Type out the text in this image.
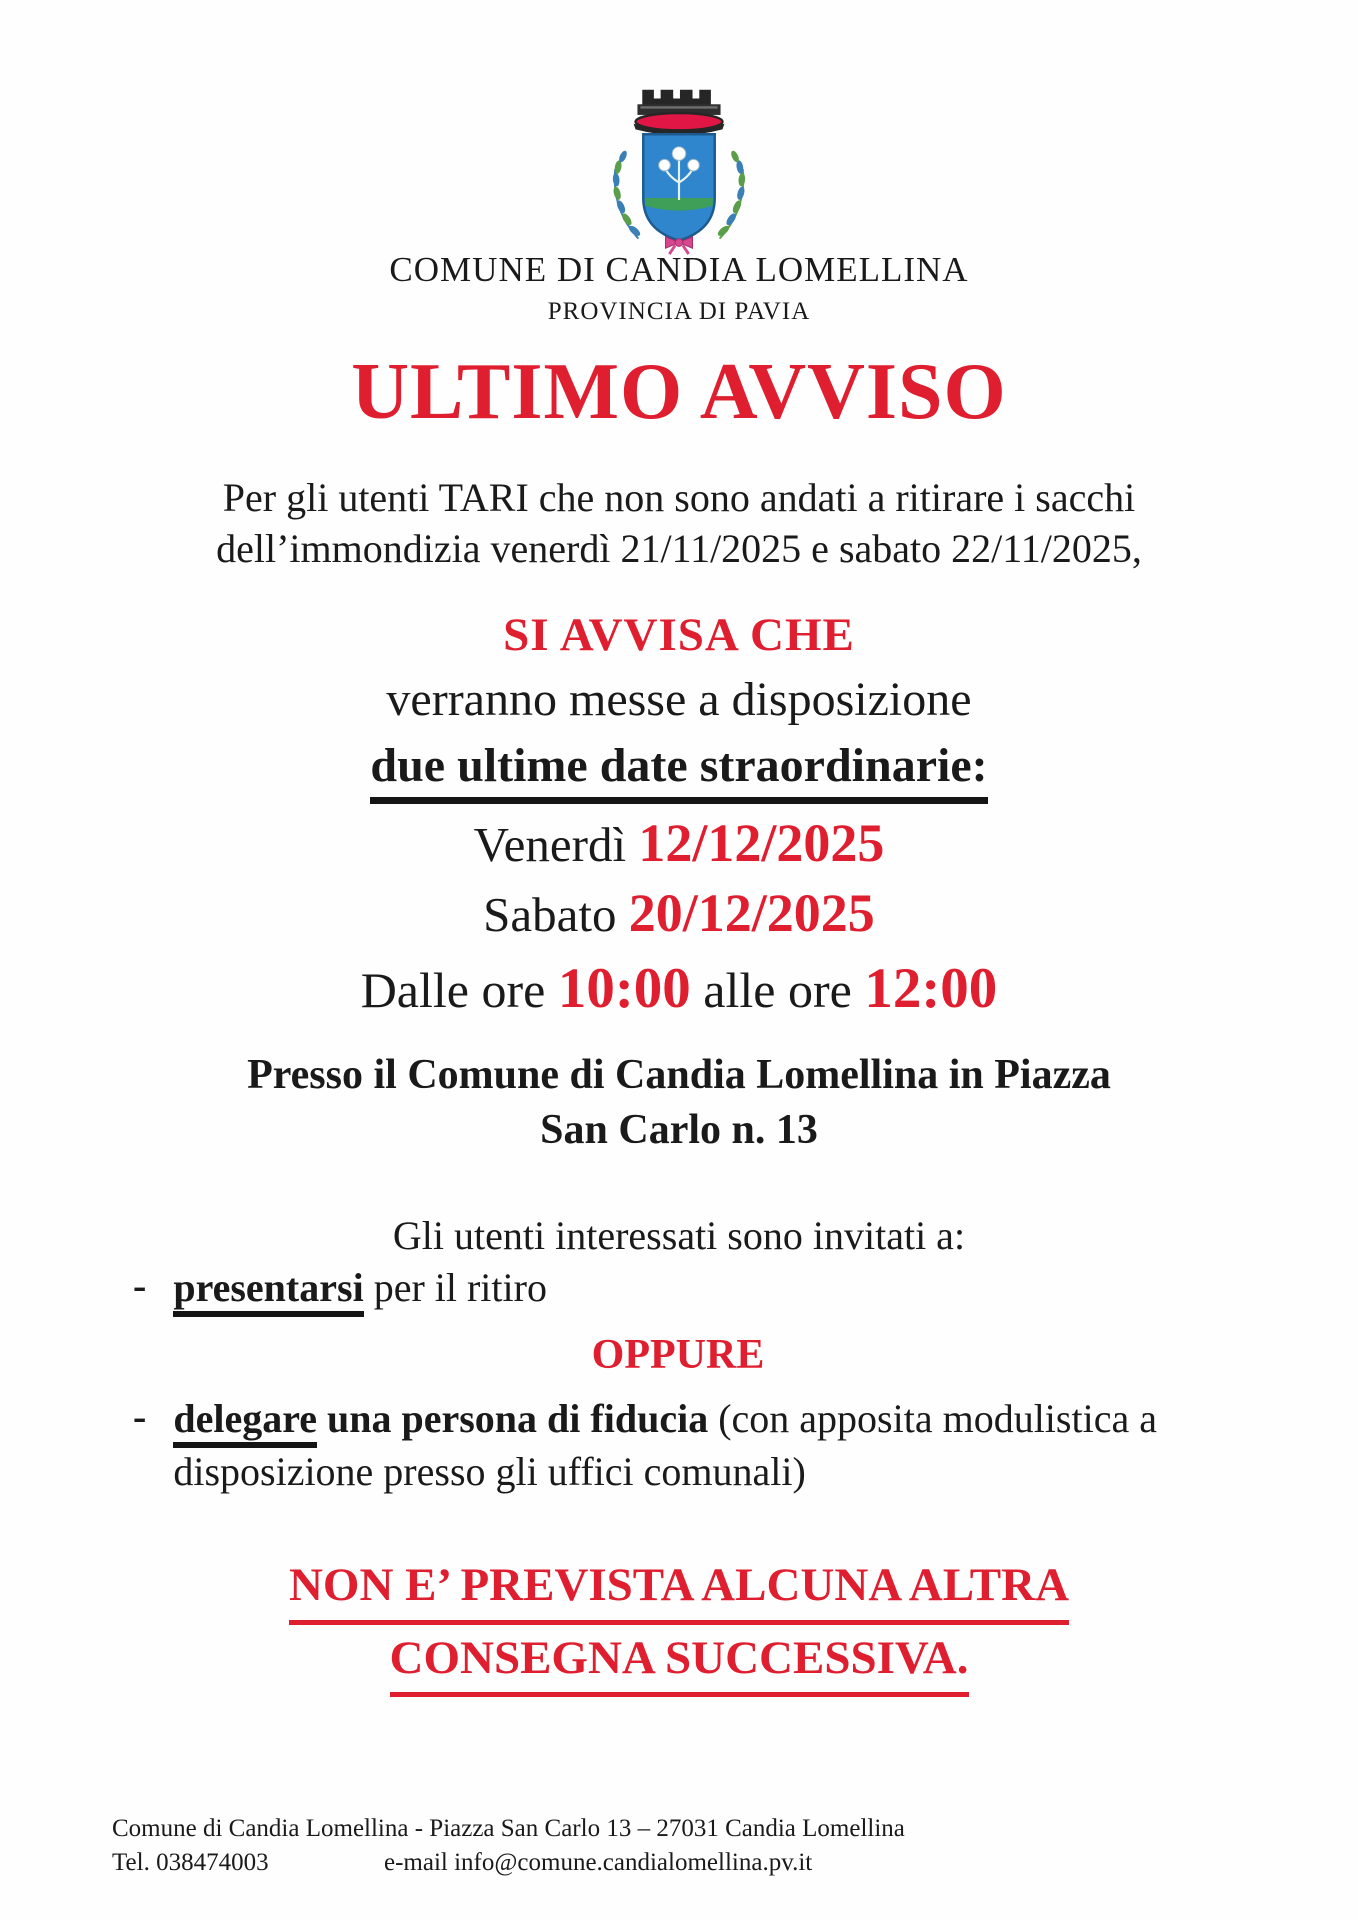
COMUNE DI CANDIA LOMELLINA
PROVINCIA DI PAVIA
ULTIMO AVVISO
Per gli utenti TARI che non sono andati a ritirare i sacchi
dell’immondizia venerdì 21/11/2025 e sabato 22/11/2025,
SI AVVISA CHE
verranno messe a disposizione
due ultime date straordinarie:
Venerdì 12/12/2025
Sabato 20/12/2025
Dalle ore 10:00 alle ore 12:00
Presso il Comune di Candia Lomellina in Piazza
San Carlo n. 13
Gli utenti interessati sono invitati a:
- presentarsi per il ritiro
OPPURE
- delegare una persona di fiducia (con apposita modulistica a disposizione presso gli uffici comunali)
NON E’ PREVISTA ALCUNA ALTRA
CONSEGNA SUCCESSIVA.
Comune di Candia Lomellina - Piazza San Carlo 13 – 27031 Candia Lomellina
Tel. 038474003	e-mail info@comune.candialomellina.pv.it
